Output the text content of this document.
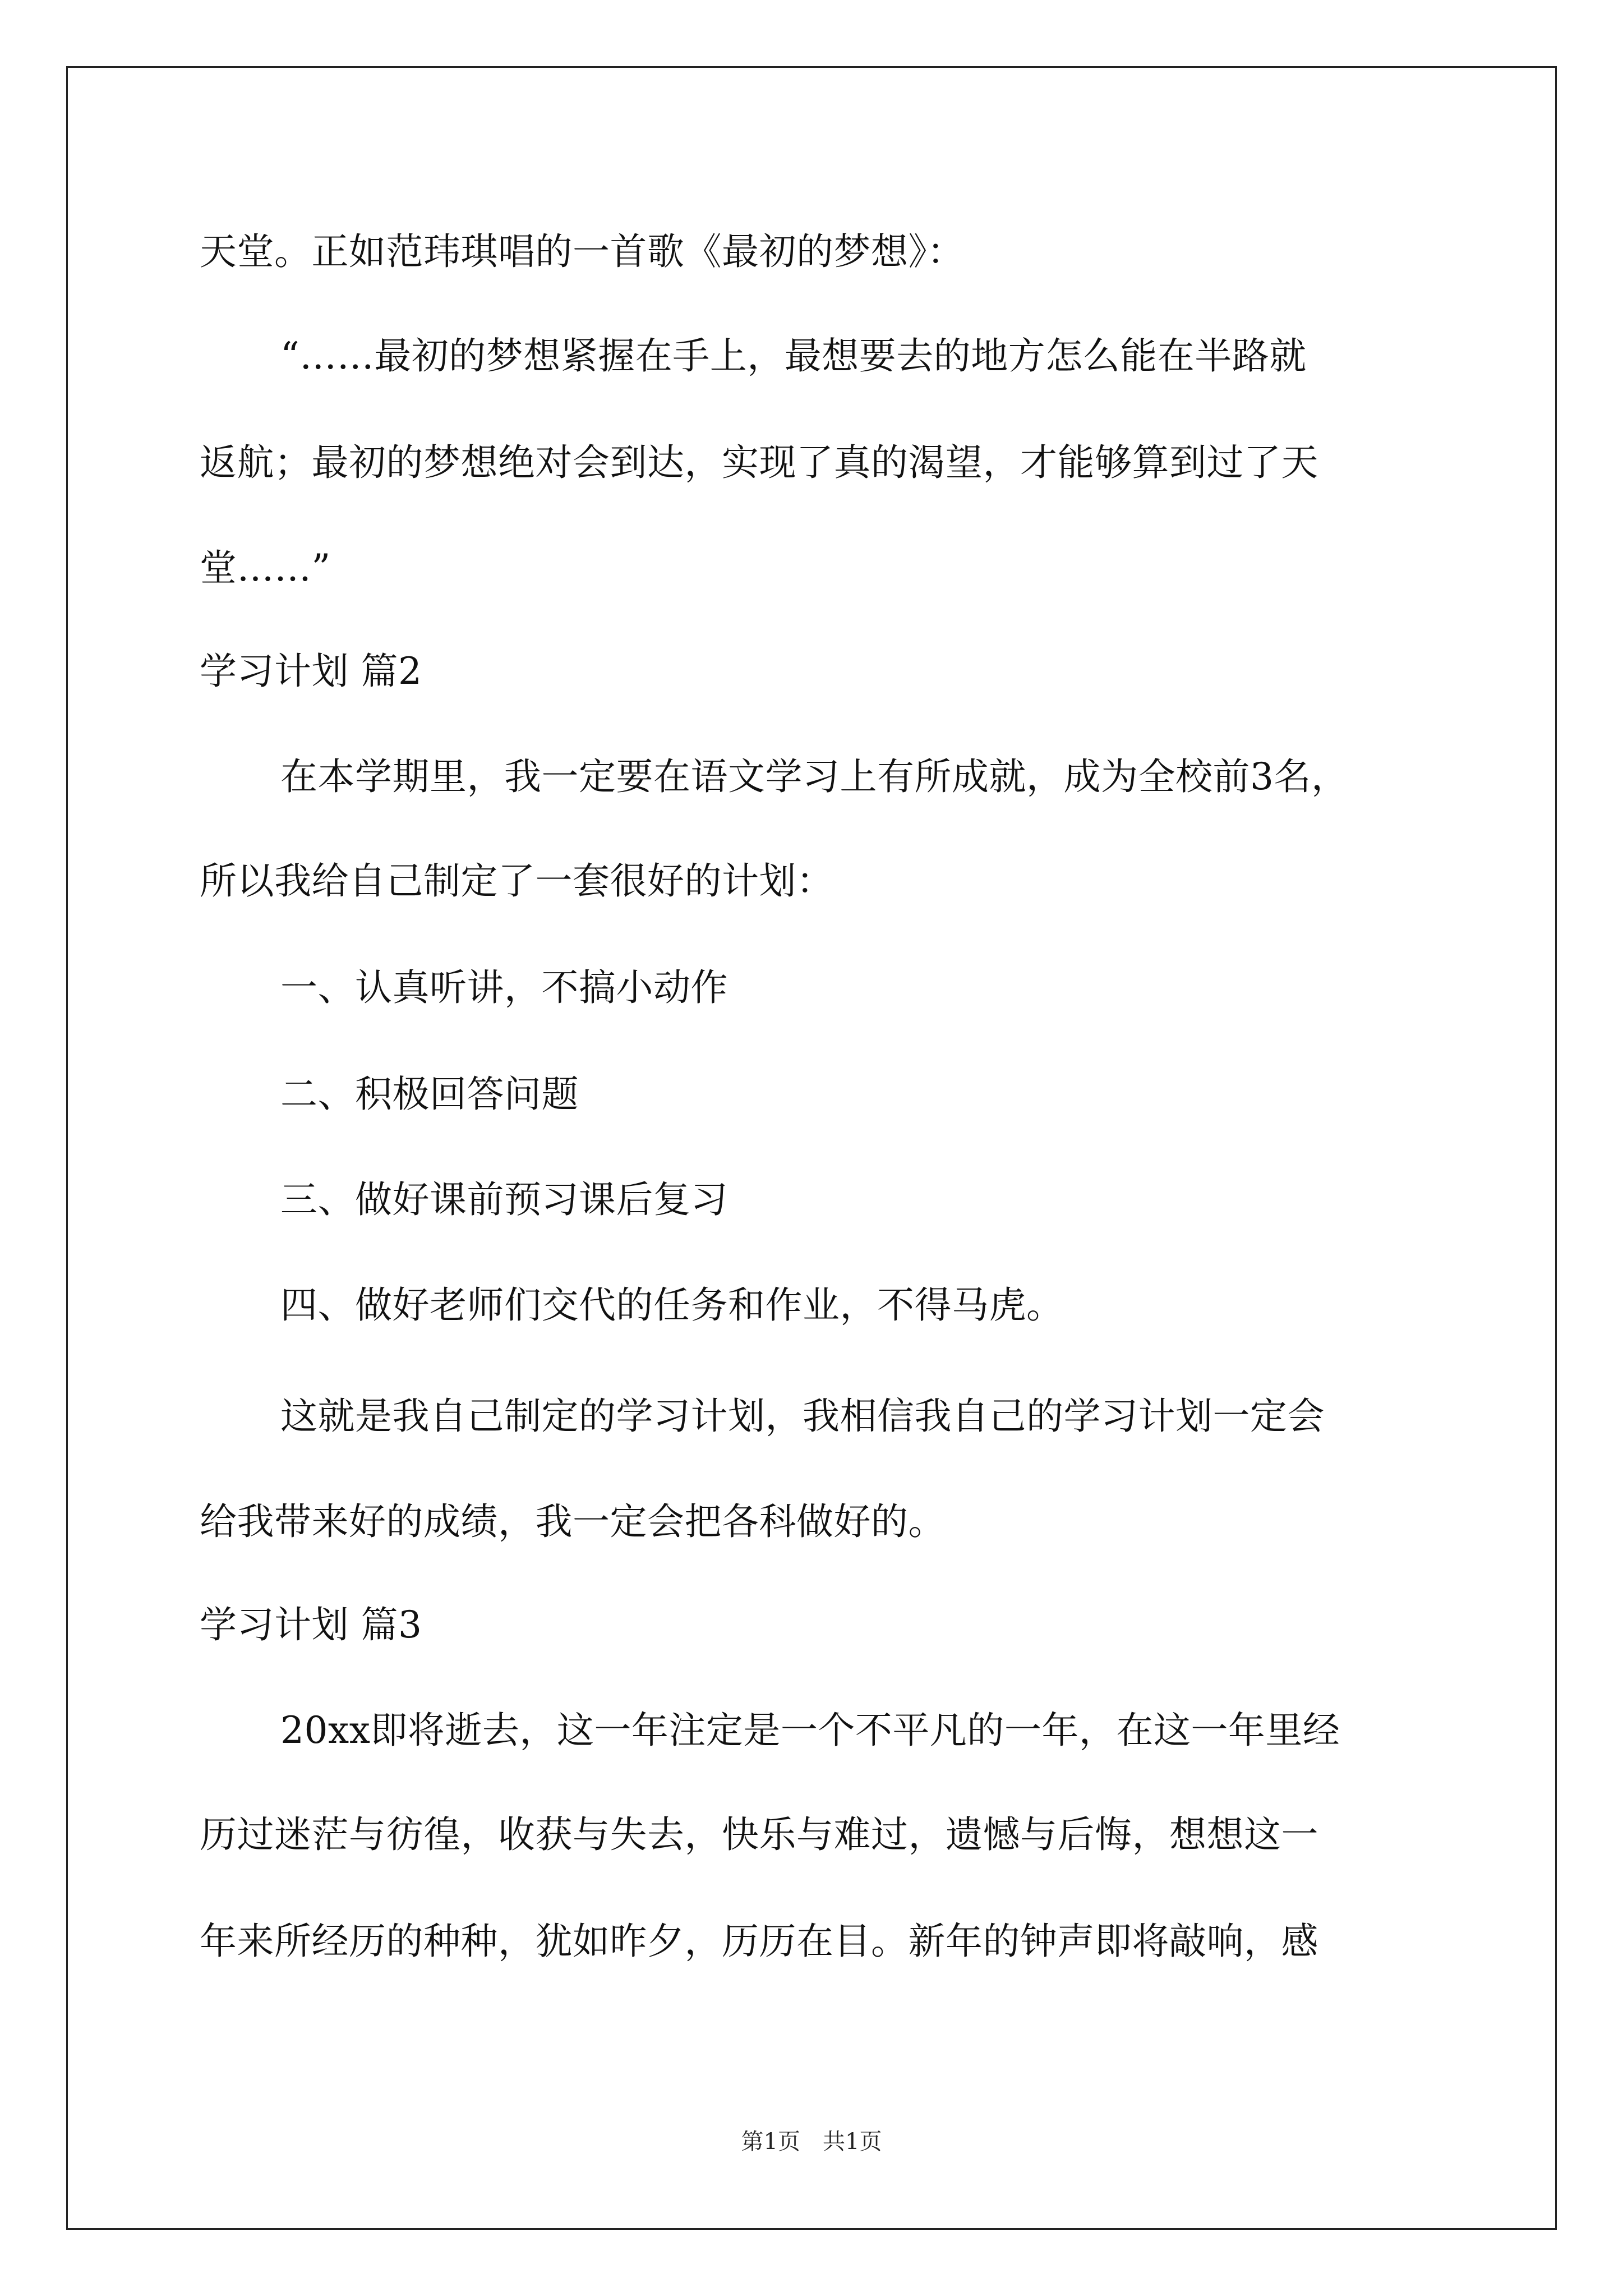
天堂。正如范玮琪唱的一首歌《最初的梦想》：
“……最初的梦想紧握在手上，最想要去的地方怎么能在半路就
返航；最初的梦想绝对会到达，实现了真的渴望，才能够算到过了天
堂……”
学习计划 篇2
在本学期里，我一定要在语文学习上有所成就，成为全校前3名，
所以我给自己制定了一套很好的计划：
一、认真听讲，不搞小动作
二、积极回答问题
三、做好课前预习课后复习
四、做好老师们交代的任务和作业，不得马虎。
这就是我自己制定的学习计划，我相信我自己的学习计划一定会
给我带来好的成绩，我一定会把各科做好的。
学习计划 篇3
20xx即将逝去，这一年注定是一个不平凡的一年，在这一年里经
历过迷茫与彷徨，收获与失去，快乐与难过，遗憾与后悔，想想这一
年来所经历的种种，犹如昨夕，历历在目。新年的钟声即将敲响，感
第1页　共1页
